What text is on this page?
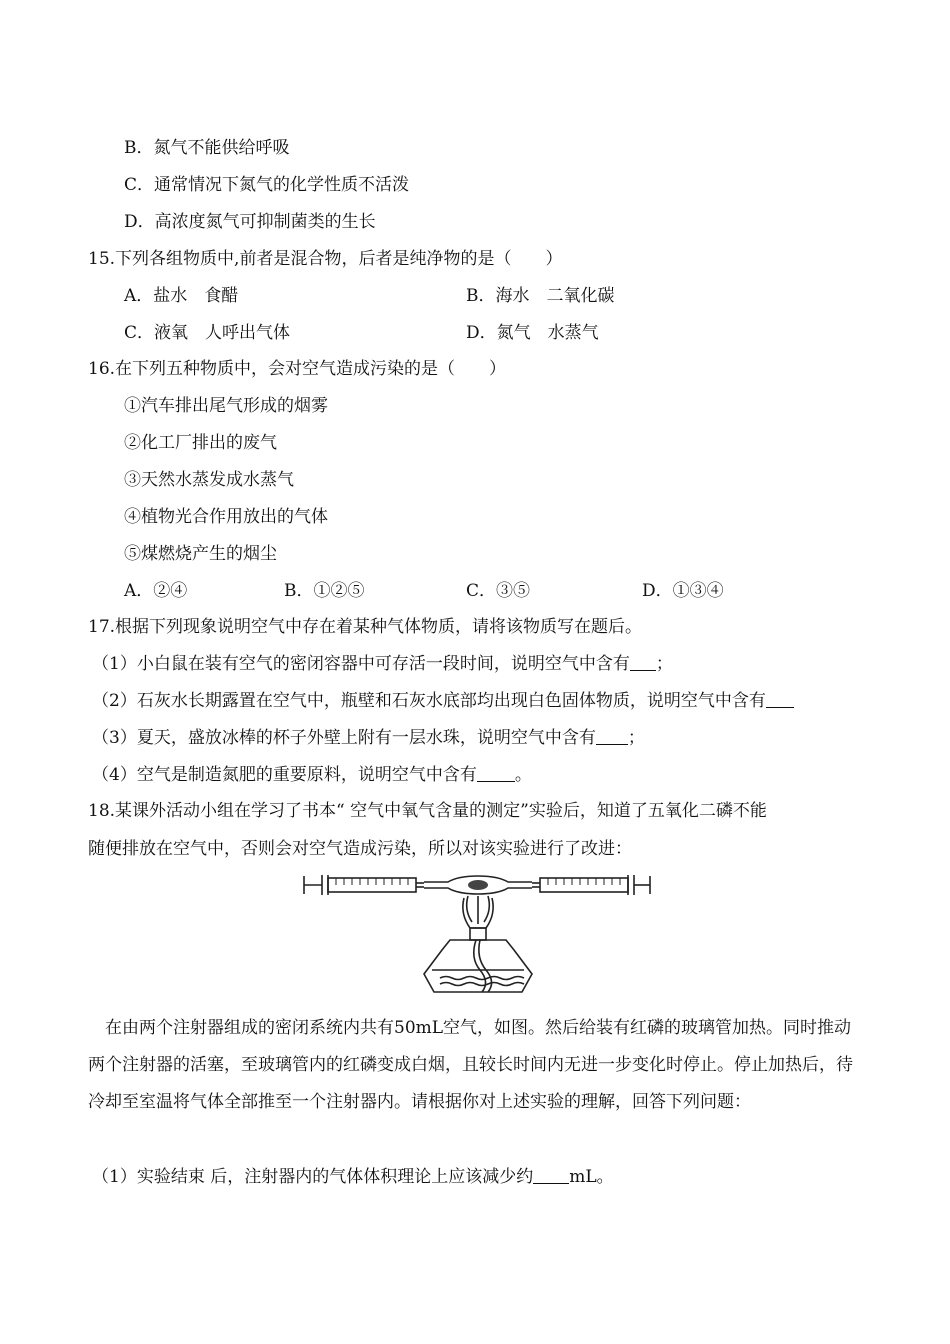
B．氮气不能供给呼吸
C．通常情况下氮气的化学性质不活泼
D．高浓度氮气可抑制菌类的生长
15.下列各组物质中,前者是混合物，后者是纯净物的是（　　）
A．盐水　食醋	B．海水　二氧化碳
C．液氧　人呼出气体	D．氮气　水蒸气
16.在下列五种物质中，会对空气造成污染的是（　　）
①汽车排出尾气形成的烟雾
②化工厂排出的废气
③天然水蒸发成水蒸气
④植物光合作用放出的气体
⑤煤燃烧产生的烟尘
A．②④	B．①②⑤	C．③⑤	D．①③④
17.根据下列现象说明空气中存在着某种气体物质，请将该物质写在题后。
（1）小白鼠在装有空气的密闭容器中可存活一段时间，说明空气中含有 ；
（2）石灰水长期露置在空气中，瓶壁和石灰水底部均出现白色固体物质，说明空气中含有
（3）夏天，盛放冰棒的杯子外壁上附有一层水珠，说明空气中含有 ；
（4）空气是制造氮肥的重要原料，说明空气中含有 。
18.某课外活动小组在学习了书本“ 空气中氧气含量的测定”实验后，知道了五氧化二磷不能
随便排放在空气中，否则会对空气造成污染，所以对该实验进行了改进：
　在由两个注射器组成的密闭系统内共有50mL空气，如图。然后给装有红磷的玻璃管加热。同时推动两个注射器的活塞，至玻璃管内的红磷变成白烟，且较长时间内无进一步变化时停止。停止加热后，待冷却至室温将气体全部推至一个注射器内。请根据你对上述实验的理解，回答下列问题：
（1）实验结束 后，注射器内的气体体积理论上应该减少约 mL。
